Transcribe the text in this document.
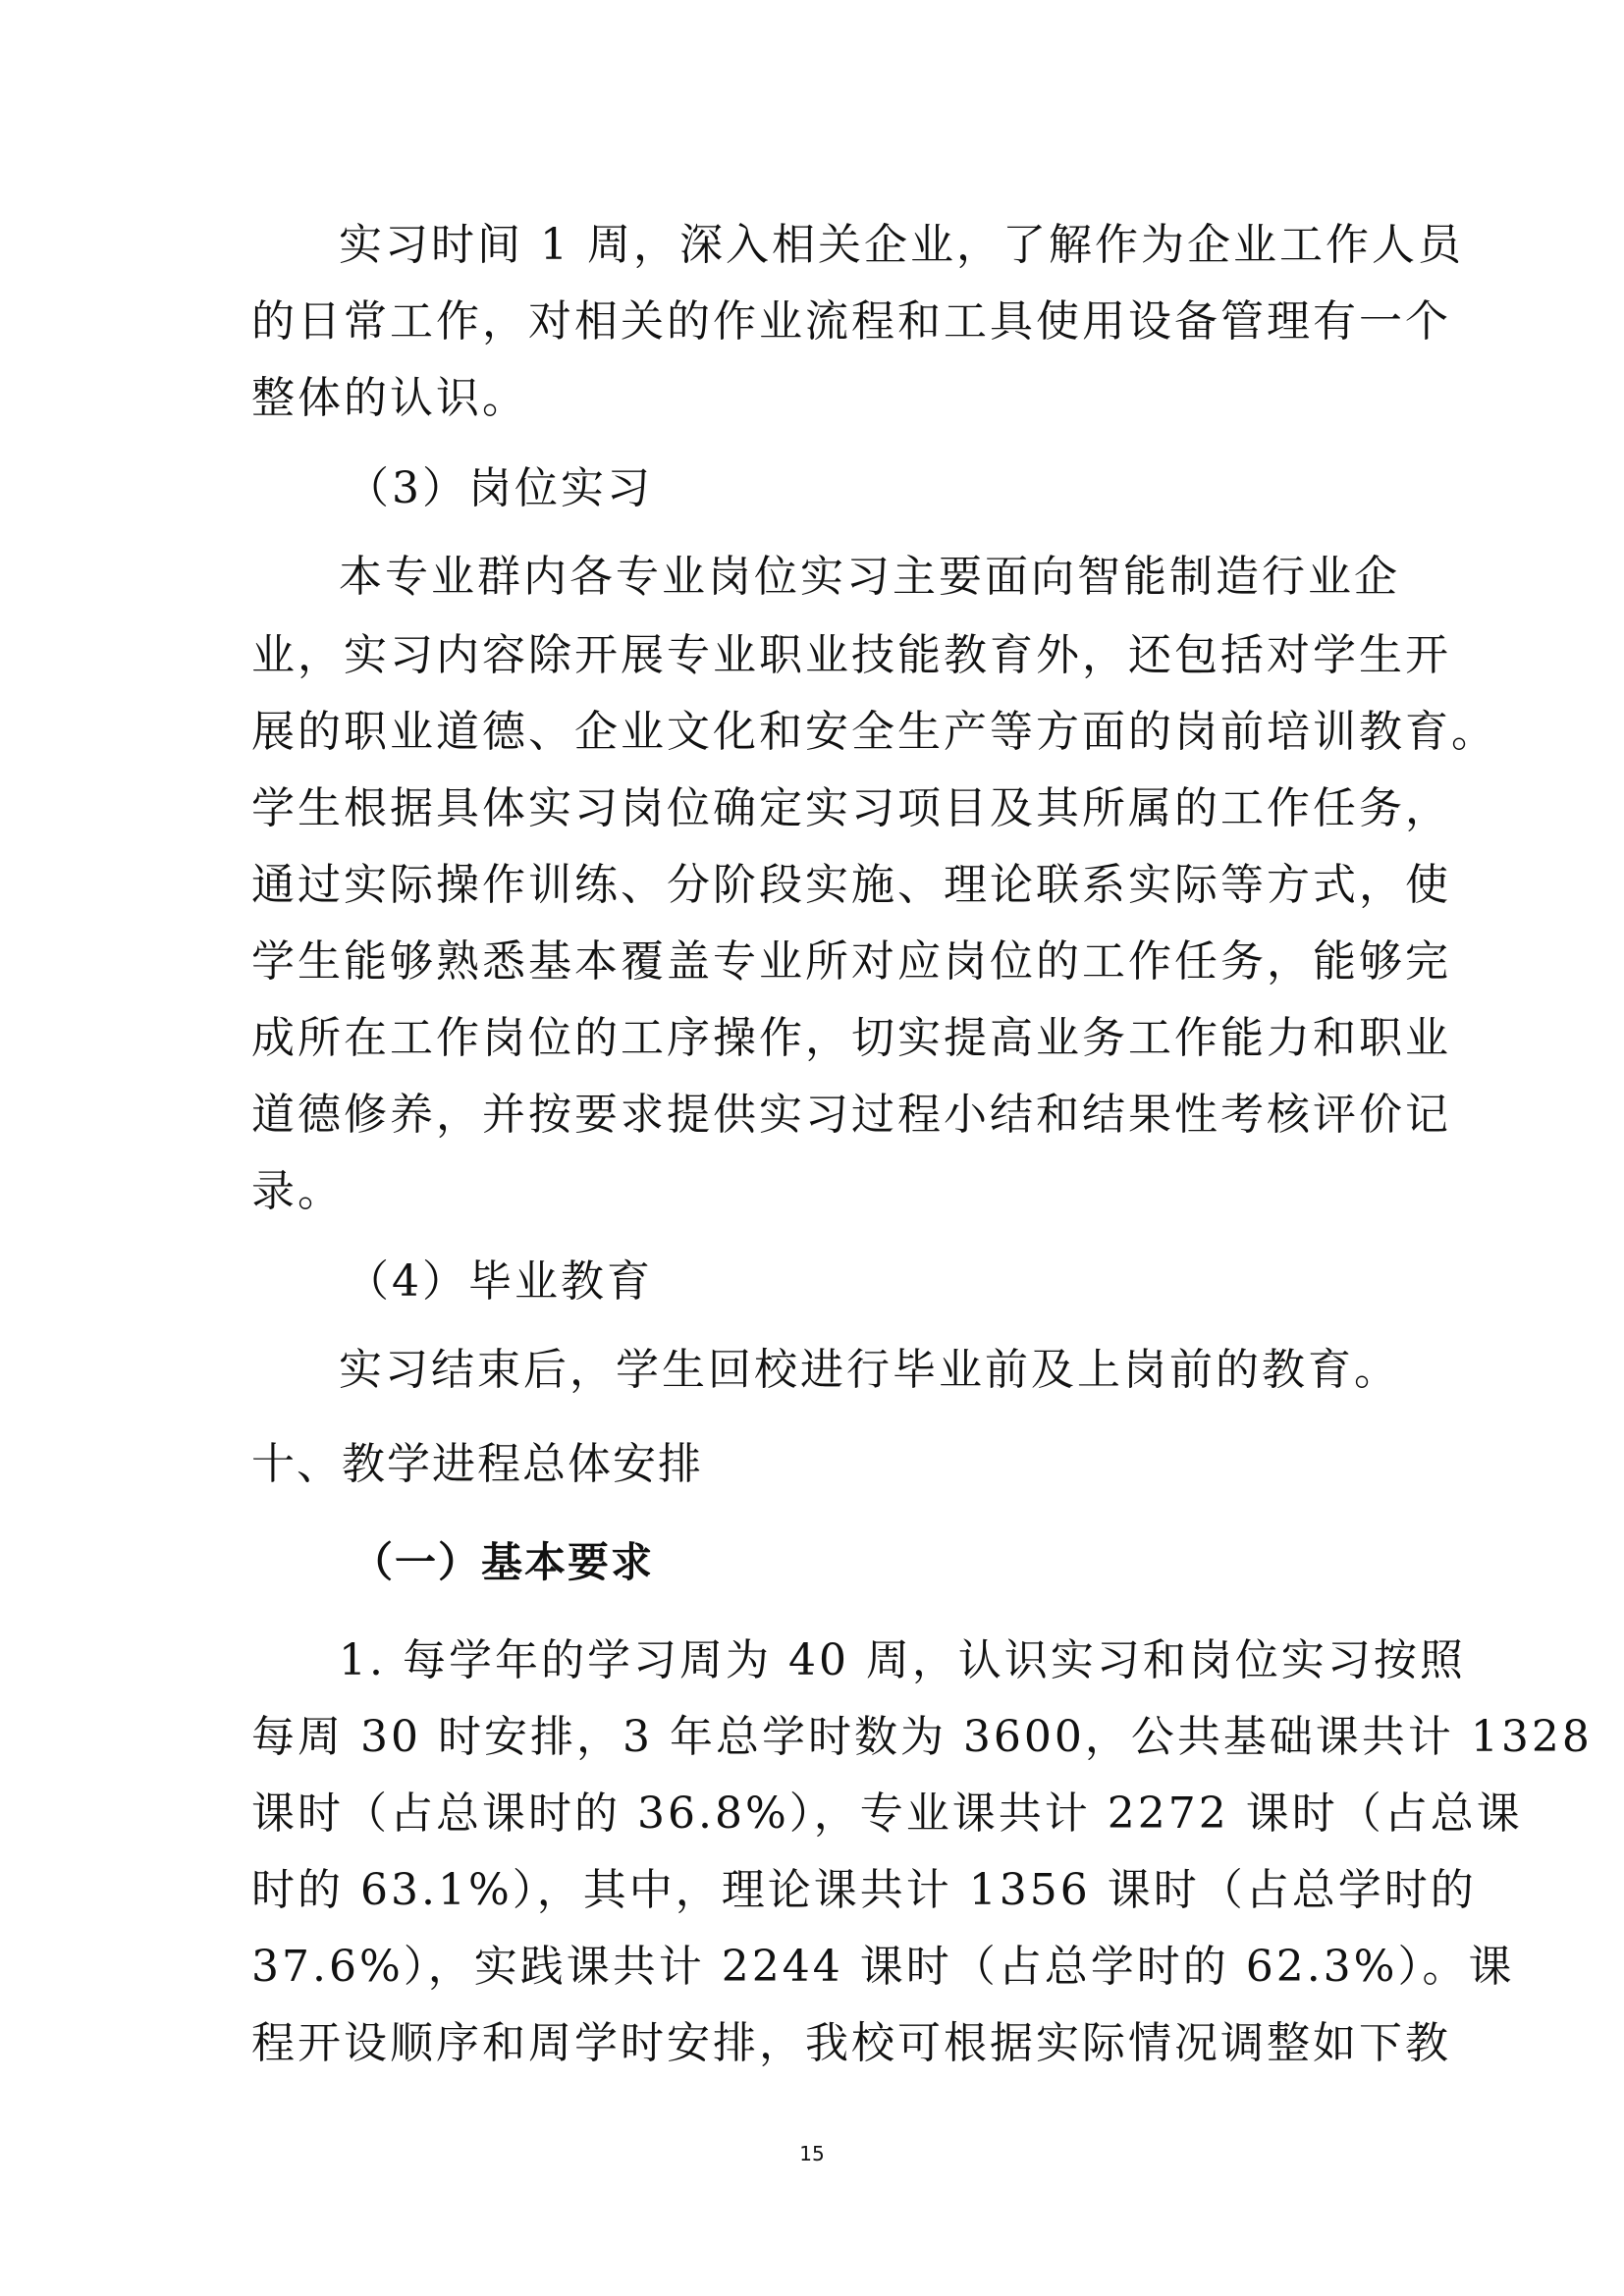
实习时间 1 周，深入相关企业，了解作为企业工作人员
的日常工作，对相关的作业流程和工具使用设备管理有一个
整体的认识。
（3）岗位实习
本专业群内各专业岗位实习主要面向智能制造行业企
业，实习内容除开展专业职业技能教育外，还包括对学生开
展的职业道德、企业文化和安全生产等方面的岗前培训教育。
学生根据具体实习岗位确定实习项目及其所属的工作任务，
通过实际操作训练、分阶段实施、理论联系实际等方式，使
学生能够熟悉基本覆盖专业所对应岗位的工作任务，能够完
成所在工作岗位的工序操作，切实提高业务工作能力和职业
道德修养，并按要求提供实习过程小结和结果性考核评价记
录。
（4）毕业教育
实习结束后，学生回校进行毕业前及上岗前的教育。
十、教学进程总体安排
（一）基本要求
1. 每学年的学习周为 40 周，认识实习和岗位实习按照
每周 30 时安排，3 年总学时数为 3600，公共基础课共计 1328
课时（占总课时的 36.8%），专业课共计 2272 课时（占总课
时的 63.1%），其中，理论课共计 1356 课时（占总学时的
37.6%），实践课共计 2244 课时（占总学时的 62.3%）。课
程开设顺序和周学时安排，我校可根据实际情况调整如下教
15
